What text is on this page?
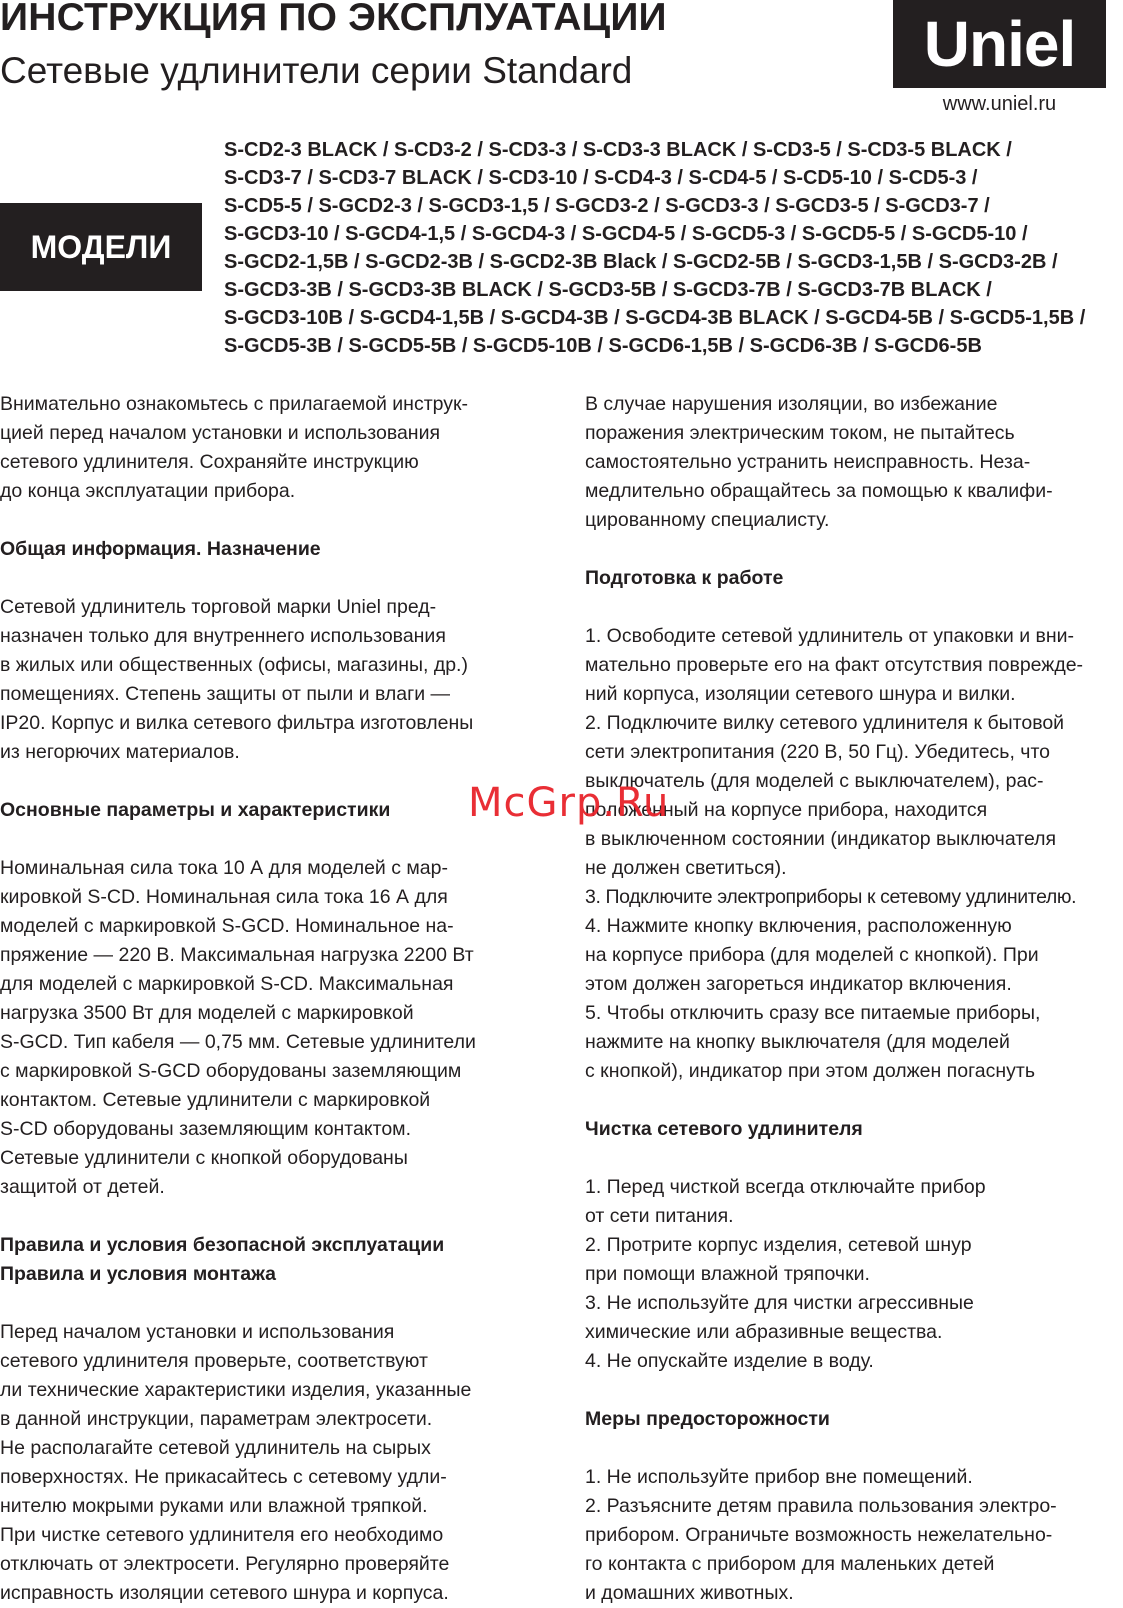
ИНСТРУКЦИЯ ПО ЭКСПЛУАТАЦИИ
Сетевые удлинители серии Standard	Uniel
www.uniel.ru
МОДЕЛИ
S-CD2-3 BLACK / S-CD3-2 / S-CD3-3 / S-CD3-3 BLACK / S-CD3-5 / S-CD3-5 BLACK /
S-CD3-7 / S-CD3-7 BLACK / S-CD3-10 / S-CD4-3 / S-CD4-5 / S-CD5-10 / S-CD5-3 /
S-CD5-5 / S-GCD2-3 / S-GCD3-1,5 / S-GCD3-2 / S-GCD3-3 / S-GCD3-5 / S-GCD3-7 /
S-GCD3-10 / S-GCD4-1,5 / S-GCD4-3 / S-GCD4-5 / S-GCD5-3 / S-GCD5-5 / S-GCD5-10 /
S-GCD2-1,5B / S-GCD2-3B / S-GCD2-3B Black / S-GCD2-5B / S-GCD3-1,5B / S-GCD3-2B /
S-GCD3-3B / S-GCD3-3B BLACK / S-GCD3-5B / S-GCD3-7B / S-GCD3-7B BLACK /
S-GCD3-10B / S-GCD4-1,5B / S-GCD4-3B / S-GCD4-3B BLACK / S-GCD4-5B / S-GCD5-1,5B /
S-GCD5-3B / S-GCD5-5B / S-GCD5-10B / S-GCD6-1,5B / S-GCD6-3B / S-GCD6-5B

Внимательно ознакомьтесь с прилагаемой инструк-

цией перед началом установки и использования

сетевого удлинителя. Сохраняйте инструкцию

до конца эксплуатации прибора.

Общая информация. Назначение

Сетевой удлинитель торговой марки Uniel пред-

назначен только для внутреннего использования

в жилых или общественных (офисы, магазины, др.)

помещениях. Степень защиты от пыли и влаги —

IP20. Корпус и вилка сетевого фильтра изготовлены

из негорючих материалов.

Основные параметры и характеристики

Номинальная сила тока 10 А для моделей с мар-

кировкой S-CD. Номинальная сила тока 16 А для

моделей с маркировкой S-GCD. Номинальное на-

пряжение — 220 В. Максимальная нагрузка 2200 Вт

для моделей с маркировкой S-CD. Максимальная

нагрузка 3500 Вт для моделей с маркировкой

S-GCD. Тип кабеля — 0,75 мм. Сетевые удлинители

с маркировкой S-GCD оборудованы заземляющим

контактом. Сетевые удлинители с маркировкой

S-CD оборудованы заземляющим контактом.

Сетевые удлинители с кнопкой оборудованы

защитой от детей.

Правила и условия безопасной эксплуатации

Правила и условия монтажа

Перед началом установки и использования

сетевого удлинителя проверьте, соответствуют

ли технические характеристики изделия, указанные

в данной инструкции, параметрам электросети.

Не располагайте сетевой удлинитель на сырых

поверхностях. Не прикасайтесь с сетевому удли-

нителю мокрыми руками или влажной тряпкой.

При чистке сетевого удлинителя его необходимо

отключать от электросети. Регулярно проверяйте

исправность изоляции сетевого шнура и корпуса.

В случае нарушения изоляции, во избежание

поражения электрическим током, не пытайтесь

самостоятельно устранить неисправность. Неза-

медлительно обращайтесь за помощью к квалифи-

цированному специалисту.

Подготовка к работе

1. Освободите сетевой удлинитель от упаковки и вни-

мательно проверьте его на факт отсутствия поврежде-

ний корпуса, изоляции сетевого шнура и вилки.

2. Подключите вилку сетевого удлинителя к бытовой

сети электропитания (220 В, 50 Гц). Убедитесь, что

выключатель (для моделей с выключателем), рас-

положенный на корпусе прибора, находится

в выключенном состоянии (индикатор выключателя

не должен светиться).

3. Подключите электроприборы к сетевому удлинителю.

4. Нажмите кнопку включения, расположенную

на корпусе прибора (для моделей с кнопкой). При

этом должен загореться индикатор включения.

5. Чтобы отключить сразу все питаемые приборы,

нажмите на кнопку выключателя (для моделей

с кнопкой), индикатор при этом должен погаснуть

Чистка сетевого удлинителя

1. Перед чисткой всегда отключайте прибор

от сети питания.

2. Протрите корпус изделия, сетевой шнур

при помощи влажной тряпочки.

3. Не используйте для чистки агрессивные

химические или абразивные вещества.

4. Не опускайте изделие в воду.

Меры предосторожности

1. Не используйте прибор вне помещений.

2. Разъясните детям правила пользования электро-

прибором. Ограничьте возможность нежелательно-

го контакта с прибором для маленьких детей

и домашних животных.

McGrp.Ru
